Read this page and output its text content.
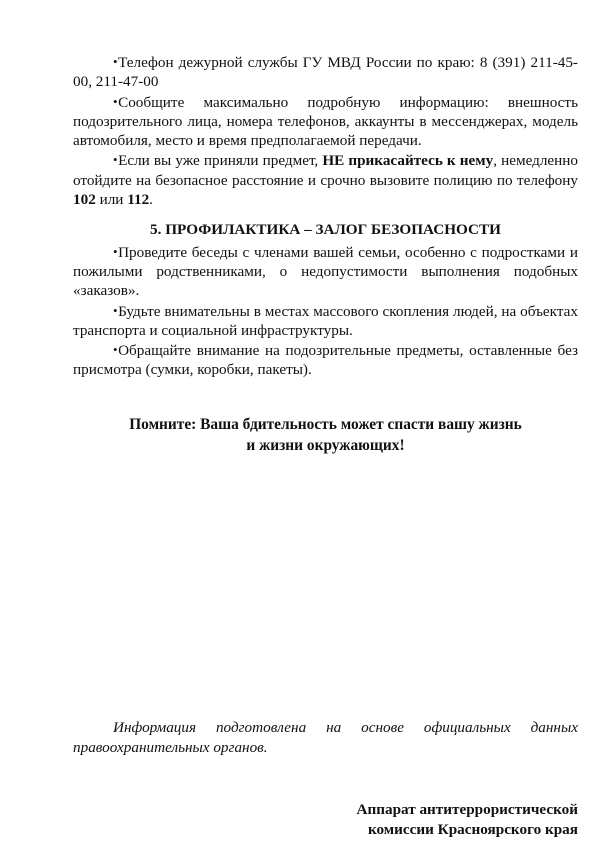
•Телефон дежурной службы ГУ МВД России по краю: 8 (391) 211-45-00, 211-47-00

•Сообщите максимально подробную информацию: внешность подозрительного лица, номера телефонов, аккаунты в мессенджерах, модель автомобиля, место и время предполагаемой передачи.

•Если вы уже приняли предмет, НЕ прикасайтесь к нему, немедленно отойдите на безопасное расстояние и срочно вызовите полицию по телефону 102 или 112.

5. ПРОФИЛАКТИКА – ЗАЛОГ БЕЗОПАСНОСТИ

•Проведите беседы с членами вашей семьи, особенно с подростками и пожилыми родственниками, о недопустимости выполнения подобных «заказов».

•Будьте внимательны в местах массового скопления людей, на объектах транспорта и социальной инфраструктуры.

•Обращайте внимание на подозрительные предметы, оставленные без присмотра (сумки, коробки, пакеты).

Помните: Ваша бдительность может спасти вашу жизнь
и жизни окружающих!

Информация подготовлена на основе официальных данных правоохранительных органов.

Аппарат антитеррористической
комиссии Красноярского края
